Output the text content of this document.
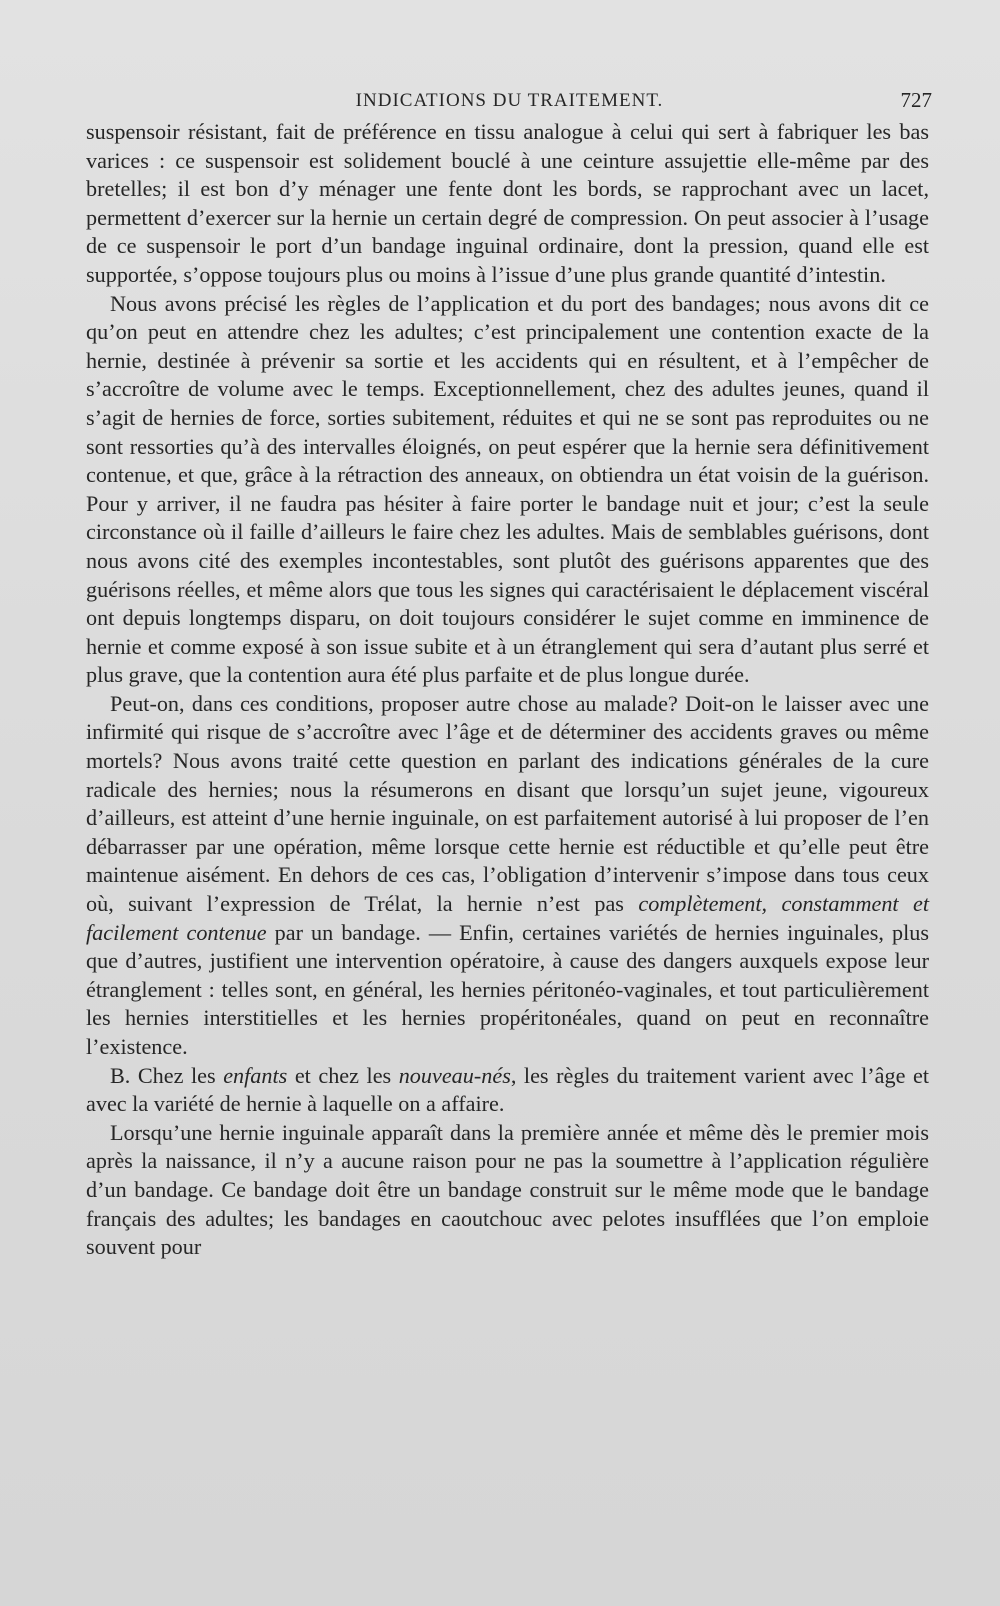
INDICATIONS DU TRAITEMENT.	727

suspensoir résistant, fait de préférence en tissu analogue à celui qui sert à fabriquer les bas varices : ce suspensoir est solidement bouclé à une ceinture assujettie elle-même par des bretelles; il est bon d’y ménager une fente dont les bords, se rapprochant avec un lacet, permettent d’exercer sur la hernie un certain degré de compression. On peut associer à l’usage de ce suspensoir le port d’un bandage inguinal ordinaire, dont la pression, quand elle est supportée, s’oppose toujours plus ou moins à l’issue d’une plus grande quantité d’intestin.

Nous avons précisé les règles de l’application et du port des bandages; nous avons dit ce qu’on peut en attendre chez les adultes; c’est principalement une contention exacte de la hernie, destinée à prévenir sa sortie et les accidents qui en résultent, et à l’empêcher de s’accroître de volume avec le temps. Exceptionnellement, chez des adultes jeunes, quand il s’agit de hernies de force, sorties subitement, réduites et qui ne se sont pas reproduites ou ne sont ressorties qu’à des intervalles éloignés, on peut espérer que la hernie sera définitivement contenue, et que, grâce à la rétraction des anneaux, on obtiendra un état voisin de la guérison. Pour y arriver, il ne faudra pas hésiter à faire porter le bandage nuit et jour; c’est la seule circonstance où il faille d’ailleurs le faire chez les adultes. Mais de semblables guérisons, dont nous avons cité des exemples incontestables, sont plutôt des guérisons apparentes que des guérisons réelles, et même alors que tous les signes qui caractérisaient le déplacement viscéral ont depuis longtemps disparu, on doit toujours considérer le sujet comme en imminence de hernie et comme exposé à son issue subite et à un étranglement qui sera d’autant plus serré et plus grave, que la contention aura été plus parfaite et de plus longue durée.

Peut-on, dans ces conditions, proposer autre chose au malade? Doit-on le laisser avec une infirmité qui risque de s’accroître avec l’âge et de déterminer des accidents graves ou même mortels? Nous avons traité cette question en parlant des indications générales de la cure radicale des hernies; nous la résumerons en disant que lorsqu’un sujet jeune, vigoureux d’ailleurs, est atteint d’une hernie inguinale, on est parfaitement autorisé à lui proposer de l’en débarrasser par une opération, même lorsque cette hernie est réductible et qu’elle peut être maintenue aisément. En dehors de ces cas, l’obligation d’intervenir s’impose dans tous ceux où, suivant l’expression de Trélat, la hernie n’est pas complètement, constamment et facilement contenue par un bandage. — Enfin, certaines variétés de hernies inguinales, plus que d’autres, justifient une intervention opératoire, à cause des dangers auxquels expose leur étranglement : telles sont, en général, les hernies péritonéo-vaginales, et tout particulièrement les hernies interstitielles et les hernies propéritonéales, quand on peut en reconnaître l’existence.

B. Chez les enfants et chez les nouveau-nés, les règles du traitement varient avec l’âge et avec la variété de hernie à laquelle on a affaire.

Lorsqu’une hernie inguinale apparaît dans la première année et même dès le premier mois après la naissance, il n’y a aucune raison pour ne pas la soumettre à l’application régulière d’un bandage. Ce bandage doit être un bandage construit sur le même mode que le bandage français des adultes; les bandages en caoutchouc avec pelotes insufflées que l’on emploie souvent pour
